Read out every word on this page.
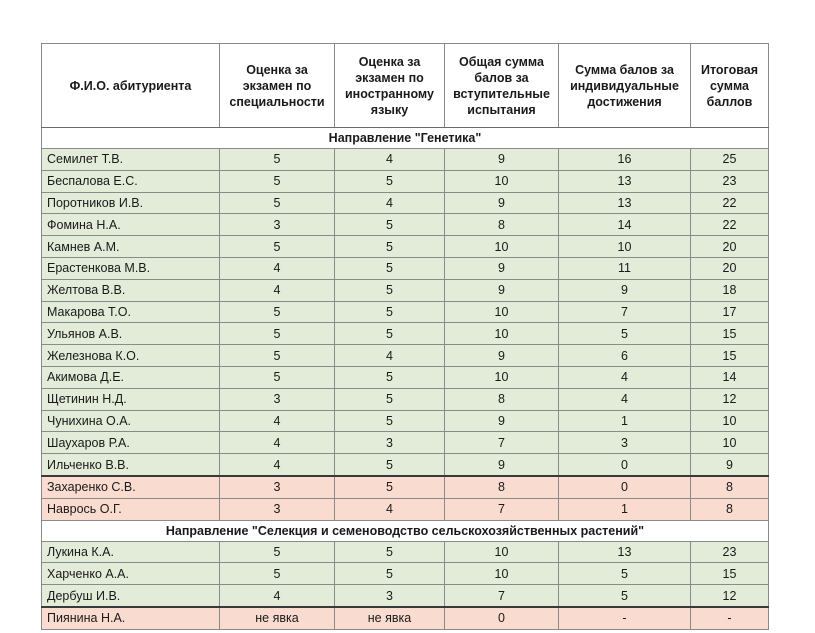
Ф.И.О. абитуриента	Оценка за экзамен по специальности	Оценка за экзамен по иностранному языку	Общая сумма балов за вступительные испытания	Сумма балов за индивидуальные достижения	Итоговая сумма баллов
Направление "Генетика"					
Семилет Т.В.	5	4	9	16	25
Беспалова Е.С.	5	5	10	13	23
Поротников И.В.	5	4	9	13	22
Фомина Н.А.	3	5	8	14	22
Камнев А.М.	5	5	10	10	20
Ерастенкова М.В.	4	5	9	11	20
Желтова В.В.	4	5	9	9	18
Макарова Т.О.	5	5	10	7	17
Ульянов А.В.	5	5	10	5	15
Железнова К.О.	5	4	9	6	15
Акимова Д.Е.	5	5	10	4	14
Щетинин Н.Д.	3	5	8	4	12
Чунихина О.А.	4	5	9	1	10
Шаухаров Р.А.	4	3	7	3	10
Ильченко В.В.	4	5	9	0	9
Захаренко С.В.	3	5	8	0	8
Наврось О.Г.	3	4	7	1	8
Направление "Селекция и семеноводство сельскохозяйственных растений"					
Лукина К.А.	5	5	10	13	23
Харченко А.А.	5	5	10	5	15
Дербуш И.В.	4	3	7	5	12
Пиянина Н.А.	не явка	не явка	0	-	-
